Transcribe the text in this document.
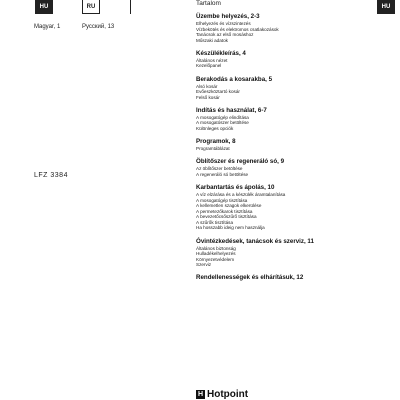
HU	RU	HU
Magyar, 1	Русский, 13
LFZ 3384
Tartalom
Üzembe helyezés, 2-3
Elhelyezés és vízszintezés
Vízbekötés és elektromos csatlakozások
Tanácsok az első mosáshoz
Műszaki adatok
Készülékleírás, 4
Általános nézet
Kezelőpanel
Berakodás a kosarakba, 5
Alsó kosár
Evőeszköztartó kosár
Felső kosár
Indítás és használat, 6-7
A mosogatógép elindítása
A mosogatószer betöltése
Különleges opciók
Programok, 8
Programtáblázat
Öblítőszer és regeneráló só, 9
Az öblítőszer betöltése
A regeneráló só betöltése
Karbantartás és ápolás, 10
A víz elzárása és a készülék áramtalanítása
A mosogatógép tisztítása
A kellemetlen szagok elkerülése
A permetezőkarok tisztítása
A bevezetőcsőszűrő tisztítása
A szűrők tisztítása
Ha hosszabb ideig nem használja
Óvintézkedések, tanácsok és szerviz, 11
Általános biztonság
Hulladékelhelyezés
Környezetvédelem
Szerviz
Rendellenességek és elhárításuk, 12
H Hotpoint
